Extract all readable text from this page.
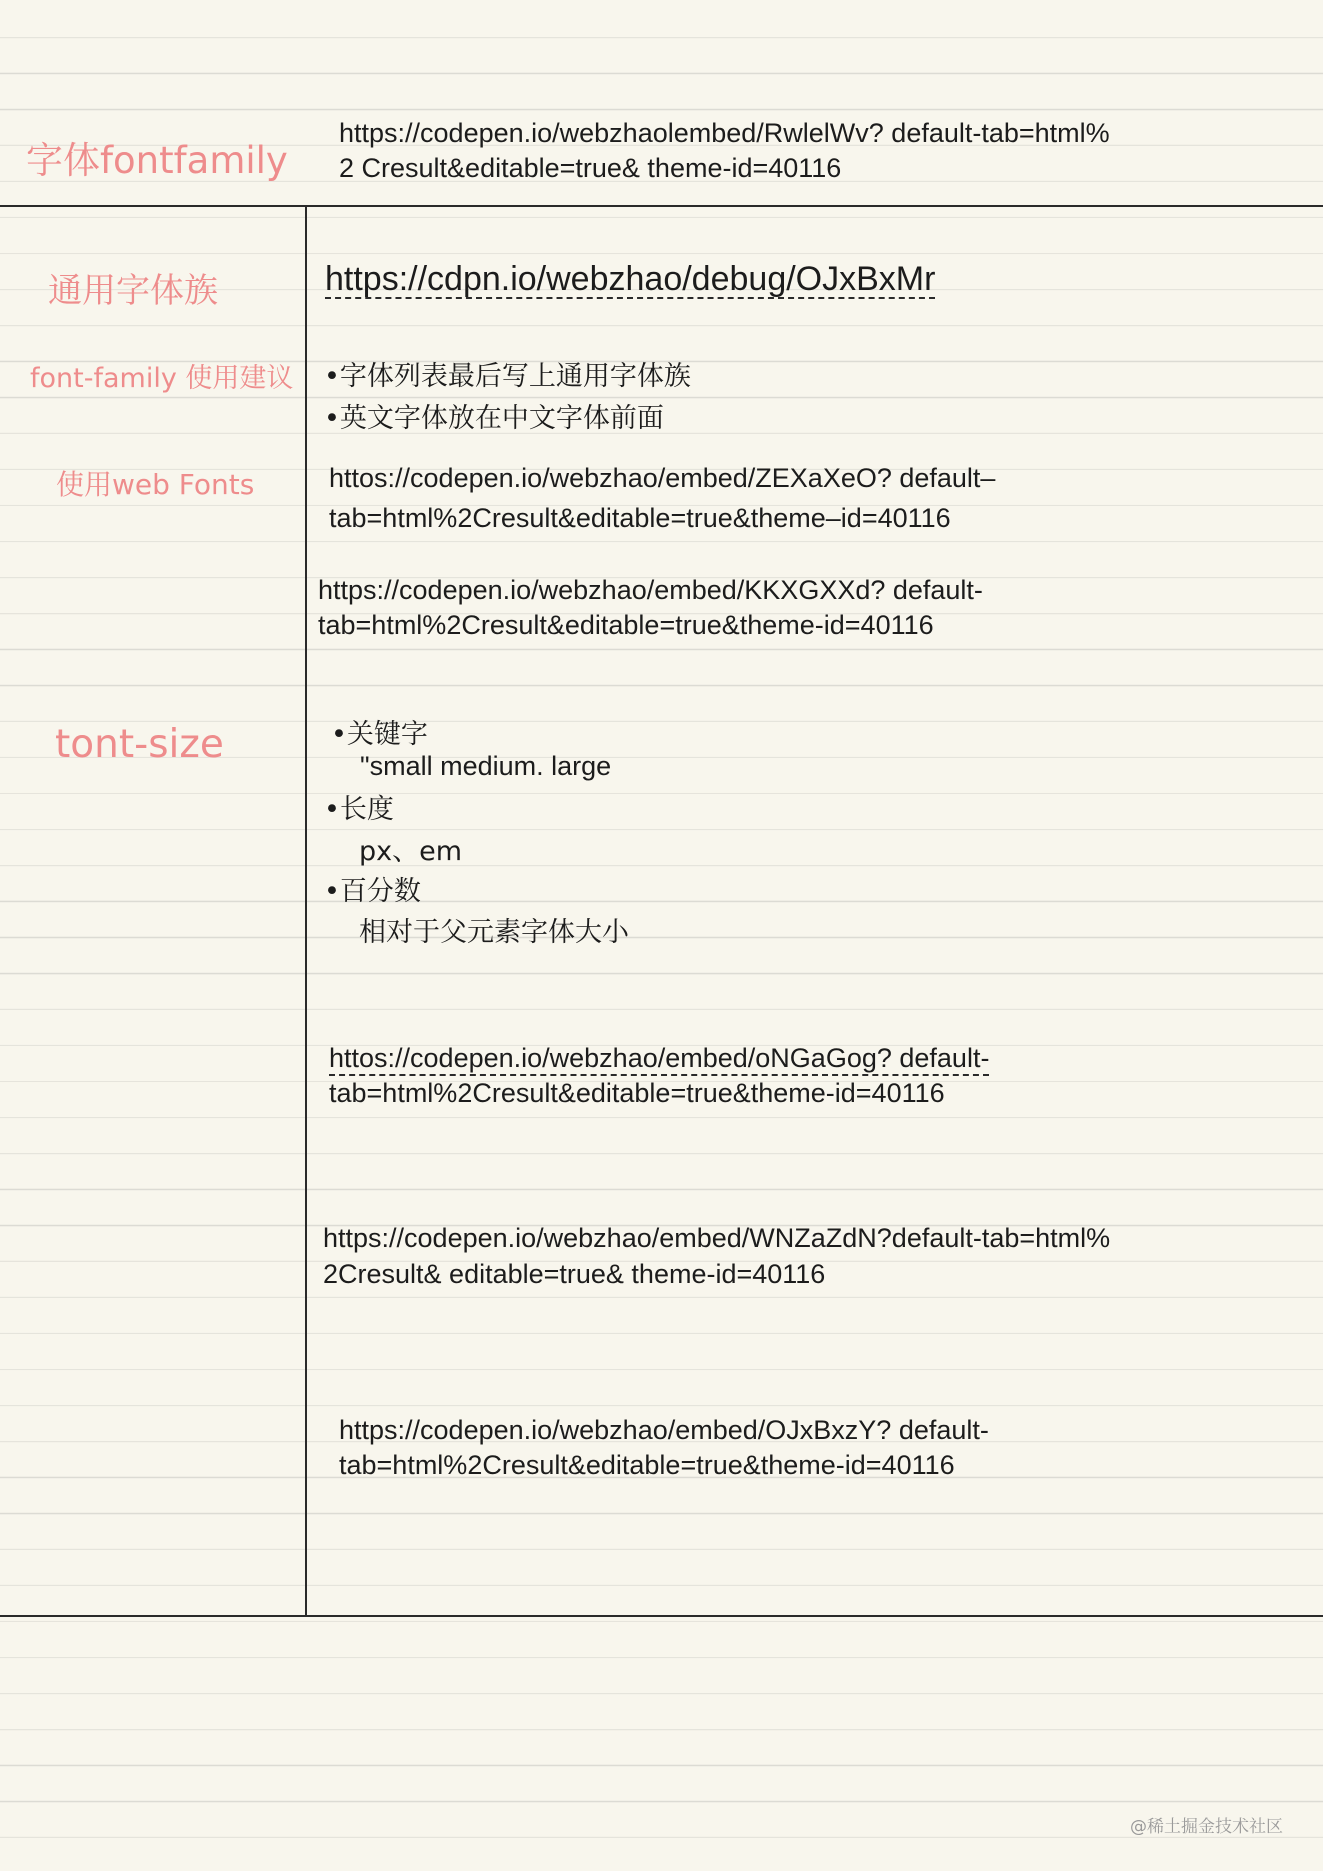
字体fontfamily
https://codepen.io/webzhaolembed/RwlelWv? default-tab=html%
2 Cresult&editable=true& theme-id=40116
通用字体族	https://cdpn.io/webzhao/debug/OJxBxMr
font-family 使用建议 •字体列表最后写上通用字体族
•英文字体放在中文字体前面
使用web Fonts	httos://codepen.io/webzhao/embed/ZEXaXeO? default–
tab=html%2Cresult&editable=true&theme–id=40116
https://codepen.io/webzhao/embed/KKXGXXd? default-
tab=html%2Cresult&editable=true&theme-id=40116
tont-size	•关键字
"small medium. large
•长度
px、em
•百分数
相对于父元素字体大小
httos://codepen.io/webzhao/embed/oNGaGog? default-
tab=html%2Cresult&editable=true&theme-id=40116
https://codepen.io/webzhao/embed/WNZaZdN?default-tab=html%
2Cresult& editable=true& theme-id=40116
https://codepen.io/webzhao/embed/OJxBxzY? default-
tab=html%2Cresult&editable=true&theme-id=40116
@稀土掘金技术社区
